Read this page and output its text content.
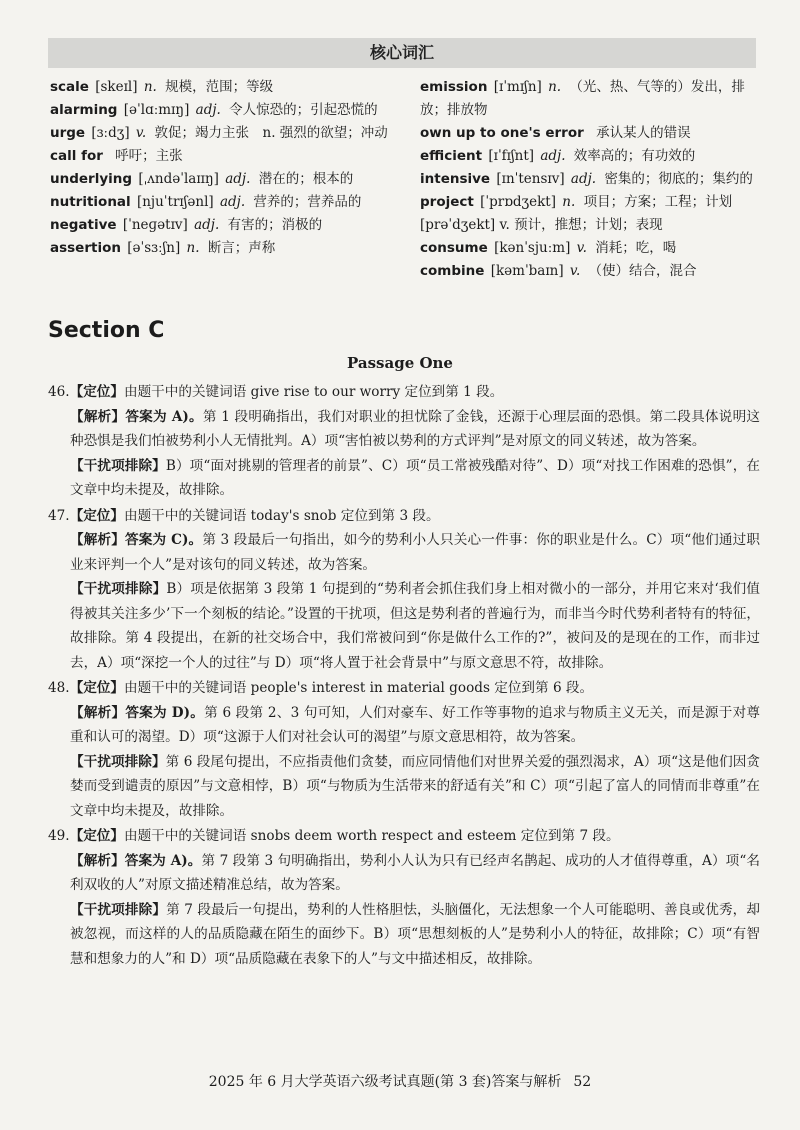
核心词汇

scale [skeɪl] n. 规模，范围；等级

alarming [əˈlɑːmɪŋ] adj. 令人惊恐的；引起恐慌的

urge [ɜːdʒ] v. 敦促；竭力主张　n. 强烈的欲望；冲动

call for 呼吁；主张

underlying [ˌʌndəˈlaɪɪŋ] adj. 潜在的；根本的

nutritional [njuˈtrɪʃənl] adj. 营养的；营养品的

negative [ˈneɡətɪv] adj. 有害的；消极的

assertion [əˈsɜːʃn] n. 断言；声称

emission [ɪˈmɪʃn] n. （光、热、气等的）发出，排放；排放物

own up to one's error 承认某人的错误

efficient [ɪˈfɪʃnt] adj. 效率高的；有功效的

intensive [ɪnˈtensɪv] adj. 密集的；彻底的；集约的

project [ˈprɒdʒekt] n. 项目；方案；工程；计划　[prəˈdʒekt] v. 预计，推想；计划；表现

consume [kənˈsjuːm] v. 消耗；吃，喝

combine [kəmˈbaɪn] v. （使）结合，混合

Section C
Passage One

46.【定位】由题干中的关键词语 give rise to our worry 定位到第 1 段。

【解析】答案为 A)。第 1 段明确指出，我们对职业的担忧除了金钱，还源于心理层面的恐惧。第二段具体说明这种恐惧是我们怕被势利小人无情批判。A）项“害怕被以势利的方式评判”是对原文的同义转述，故为答案。

【干扰项排除】B）项“面对挑剔的管理者的前景”、C）项“员工常被残酷对待”、D）项“对找工作困难的恐惧”，在文章中均未提及，故排除。

47.【定位】由题干中的关键词语 today's snob 定位到第 3 段。

【解析】答案为 C)。第 3 段最后一句指出，如今的势利小人只关心一件事：你的职业是什么。C）项“他们通过职业来评判一个人”是对该句的同义转述，故为答案。

【干扰项排除】B）项是依据第 3 段第 1 句提到的“势利者会抓住我们身上相对微小的一部分，并用它来对‘我们值得被其关注多少’下一个刻板的结论。”设置的干扰项，但这是势利者的普遍行为，而非当今时代势利者特有的特征，故排除。第 4 段提出，在新的社交场合中，我们常被问到“你是做什么工作的?”，被问及的是现在的工作，而非过去，A）项“深挖一个人的过往”与 D）项“将人置于社会背景中”与原文意思不符，故排除。

48.【定位】由题干中的关键词语 people's interest in material goods 定位到第 6 段。

【解析】答案为 D)。第 6 段第 2、3 句可知，人们对豪车、好工作等事物的追求与物质主义无关，而是源于对尊重和认可的渴望。D）项“这源于人们对社会认可的渴望”与原文意思相符，故为答案。

【干扰项排除】第 6 段尾句提出，不应指责他们贪婪，而应同情他们对世界关爱的强烈渴求，A）项“这是他们因贪婪而受到谴责的原因”与文意相悖，B）项“与物质为生活带来的舒适有关”和 C）项“引起了富人的同情而非尊重”在文章中均未提及，故排除。

49.【定位】由题干中的关键词语 snobs deem worth respect and esteem 定位到第 7 段。

【解析】答案为 A)。第 7 段第 3 句明确指出，势利小人认为只有已经声名鹊起、成功的人才值得尊重，A）项“名利双收的人”对原文描述精准总结，故为答案。

【干扰项排除】第 7 段最后一句提出，势利的人性格胆怯，头脑僵化，无法想象一个人可能聪明、善良或优秀，却被忽视，而这样的人的品质隐藏在陌生的面纱下。B）项“思想刻板的人”是势利小人的特征，故排除；C）项“有智慧和想象力的人”和 D）项“品质隐藏在表象下的人”与文中描述相反，故排除。

2025 年 6 月大学英语六级考试真题(第 3 套)答案与解析 52
